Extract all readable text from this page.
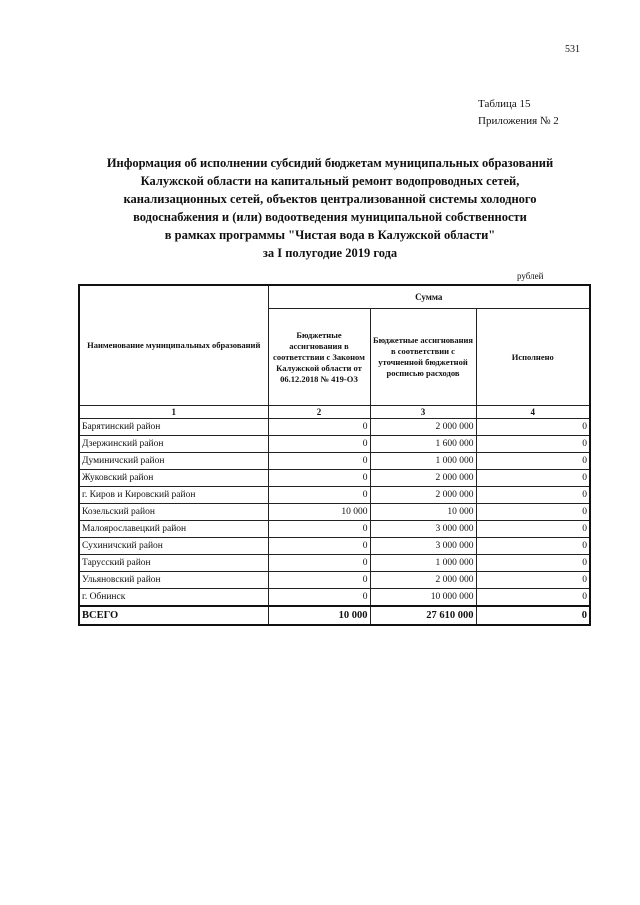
531
Таблица 15
Приложения № 2
Информация об исполнении субсидий бюджетам муниципальных образований
Калужской области на капитальный ремонт водопроводных сетей,
канализационных сетей, объектов централизованной системы холодного
водоснабжения и (или) водоотведения муниципальной собственности
в рамках программы "Чистая вода в Калужской области"
за I полугодие 2019 года
рублей
Наименование муниципальных образований	Сумма		
	Бюджетные ассигнования в соответствии с Законом Калужской области от 06.12.2018 № 419-ОЗ	Бюджетные ассигнования в соответствии с уточненной бюджетной росписью расходов	Исполнено
1	2	3	4
Барятинский район	0	2 000 000	0
Дзержинский район	0	1 600 000	0
Думиничский район	0	1 000 000	0
Жуковский район	0	2 000 000	0
г. Киров и Кировский район	0	2 000 000	0
Козельский район	10 000	10 000	0
Малоярославецкий район	0	3 000 000	0
Сухиничский район	0	3 000 000	0
Тарусский район	0	1 000 000	0
Ульяновский район	0	2 000 000	0
г. Обнинск	0	10 000 000	0
ВСЕГО	10 000	27 610 000	0
